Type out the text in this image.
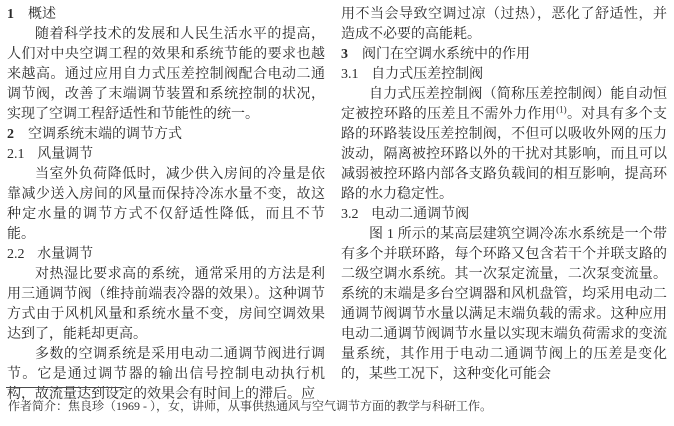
1 概述

随着科学技术的发展和人民生活水平的提高，人们对中央空调工程的效果和系统节能的要求也越来越高。通过应用自力式压差控制阀配合电动二通调节阀，改善了末端调节装置和系统控制的状况，实现了空调工程舒适性和节能性的统一。

2 空调系统末端的调节方式
2.1 风量调节

当室外负荷降低时，减少供入房间的冷量是依靠减少送入房间的风量而保持冷冻水量不变，故这种定水量的调节方式不仅舒适性降低，而且不节能。

2.2 水量调节

对热湿比要求高的系统，通常采用的方法是利用三通调节阀（维持前端表冷器的效果）。这种调节方式由于风机风量和系统水量不变，房间空调效果达到了，能耗却更高。

多数的空调系统是采用电动二通调节阀进行调节。它是通过调节器的输出信号控制电动执行机构，故流量达到设定的效果会有时间上的滞后。应

用不当会导致空调过凉（过热），恶化了舒适性，并造成不必要的高能耗。

3 阀门在空调水系统中的作用
3.1 自力式压差控制阀

自力式压差控制阀（简称压差控制阀）能自动恒定被控环路的压差且不需外力作用$^{(1)}$。对具有多个支路的环路装设压差控制阀，不但可以吸收外网的压力波动，隔离被控环路以外的干扰对其影响，而且可以减弱被控环路内部各支路负载间的相互影响，提高环路的水力稳定性。

3.2 电动二通调节阀

图 1 所示的某高层建筑空调冷冻水系统是一个带有多个并联环路，每个环路又包含若干个并联支路的二级空调水系统。其一次泵定流量，二次泵变流量。系统的末端是多台空调器和风机盘管，均采用电动二通调节阀调节水量以满足末端负载的需求。这种应用电动二通调节阀调节水量以实现末端负荷需求的变流量系统，其作用于电动二通调节阀上的压差是变化的，某些工况下，这种变化可能会

作者简介：焦良珍（1969 - ），女，讲师，从事供热通风与空气调节方面的教学与科研工作。
